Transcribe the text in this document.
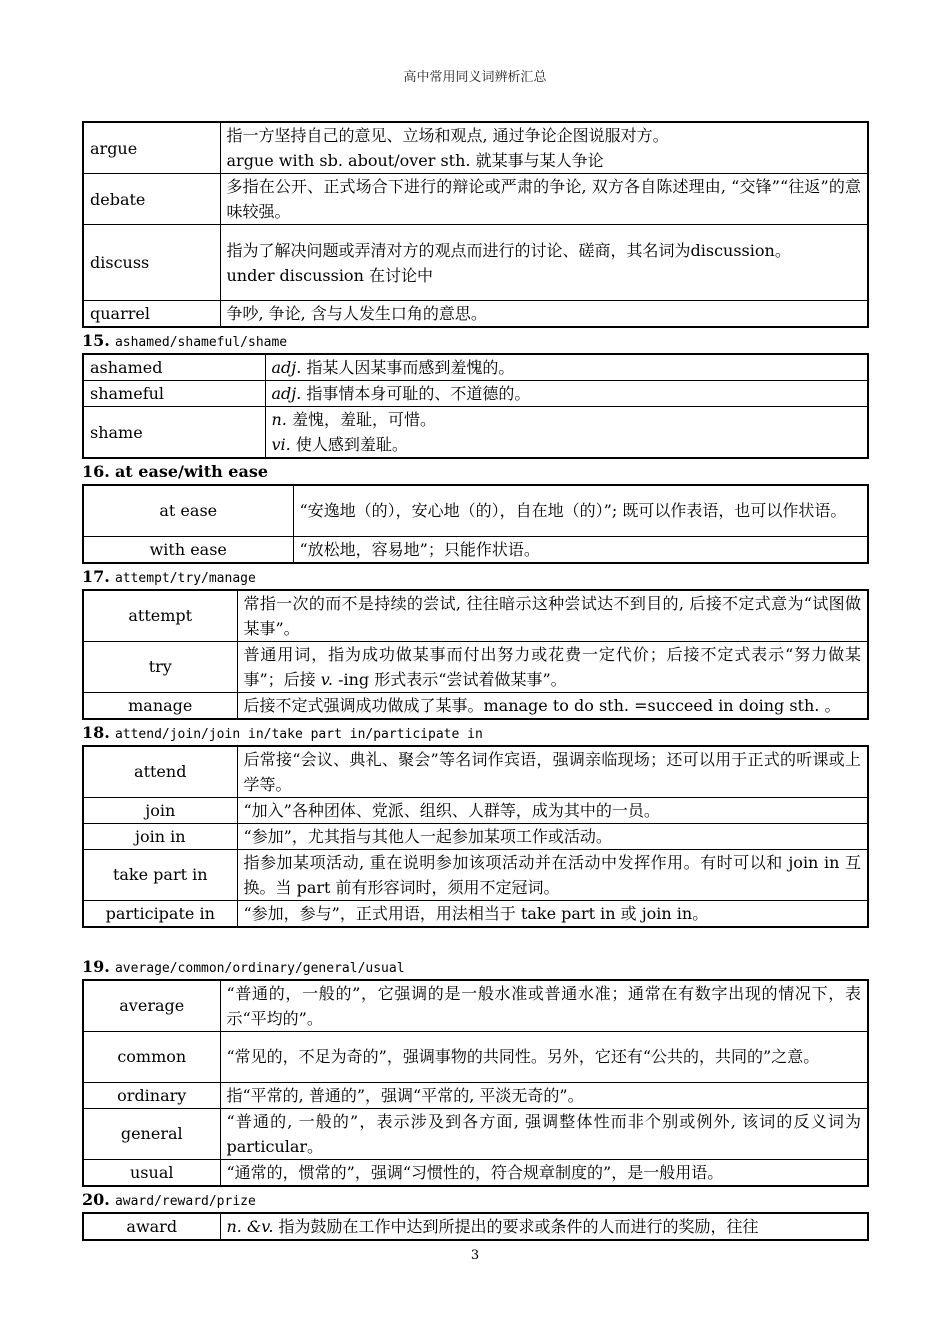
高中常用同义词辨析汇总
argue	指一方坚持自己的意见、立场和观点, 通过争论企图说服对方。
argue with sb. about/over sth. 就某事与某人争论

debate	多指在公开、正式场合下进行的辩论或严肃的争论, 双方各自陈述理由, “交锋”“往返”的意味较强。
discuss	指为了解决问题或弄清对方的观点而进行的讨论、磋商，其名词为discussion。
under discussion 在讨论中

quarrel	争吵, 争论, 含与人发生口角的意思。
15. ashamed/shameful/shame
ashamed	adj. 指某人因某事而感到羞愧的。
shameful	adj. 指事情本身可耻的、不道德的。
shame	n. 羞愧，羞耻，可惜。
vi. 使人感到羞耻。
16. at ease/with ease
at ease	“安逸地（的），安心地（的），自在地（的）”; 既可以作表语，也可以作状语。
with ease	“放松地，容易地”；只能作状语。
17. attempt/try/manage
attempt	常指一次的而不是持续的尝试, 往往暗示这种尝试达不到目的, 后接不定式意为“试图做某事”。
try	普通用词，指为成功做某事而付出努力或花费一定代价；后接不定式表示“努力做某事”；后接 v. -ing 形式表示“尝试着做某事”。
manage	后接不定式强调成功做成了某事。manage to do sth. =succeed in doing sth. 。
18. attend/join/join in/take part in/participate in
attend	后常接“会议、典礼、聚会”等名词作宾语，强调亲临现场；还可以用于正式的听课或上学等。
join	“加入”各种团体、党派、组织、人群等，成为其中的一员。
join in	“参加”，尤其指与其他人一起参加某项工作或活动。
take part in	指参加某项活动, 重在说明参加该项活动并在活动中发挥作用。有时可以和 join in 互换。当 part 前有形容词时，须用不定冠词。
participate in	“参加，参与”，正式用语，用法相当于 take part in 或 join in。
19. average/common/ordinary/general/usual
average	“普通的，一般的”，它强调的是一般水准或普通水准；通常在有数字出现的情况下，表示“平均的”。
common	“常见的，不足为奇的”，强调事物的共同性。另外，它还有“公共的，共同的”之意。
ordinary	指“平常的, 普通的”，强调“平常的, 平淡无奇的”。
general	“普通的, 一般的”，表示涉及到各方面, 强调整体性而非个别或例外, 该词的反义词为 particular。
usual	“通常的，惯常的”，强调“习惯性的，符合规章制度的”，是一般用语。
20. award/reward/prize
award	n. &v. 指为鼓励在工作中达到所提出的要求或条件的人而进行的奖励，往往
3
